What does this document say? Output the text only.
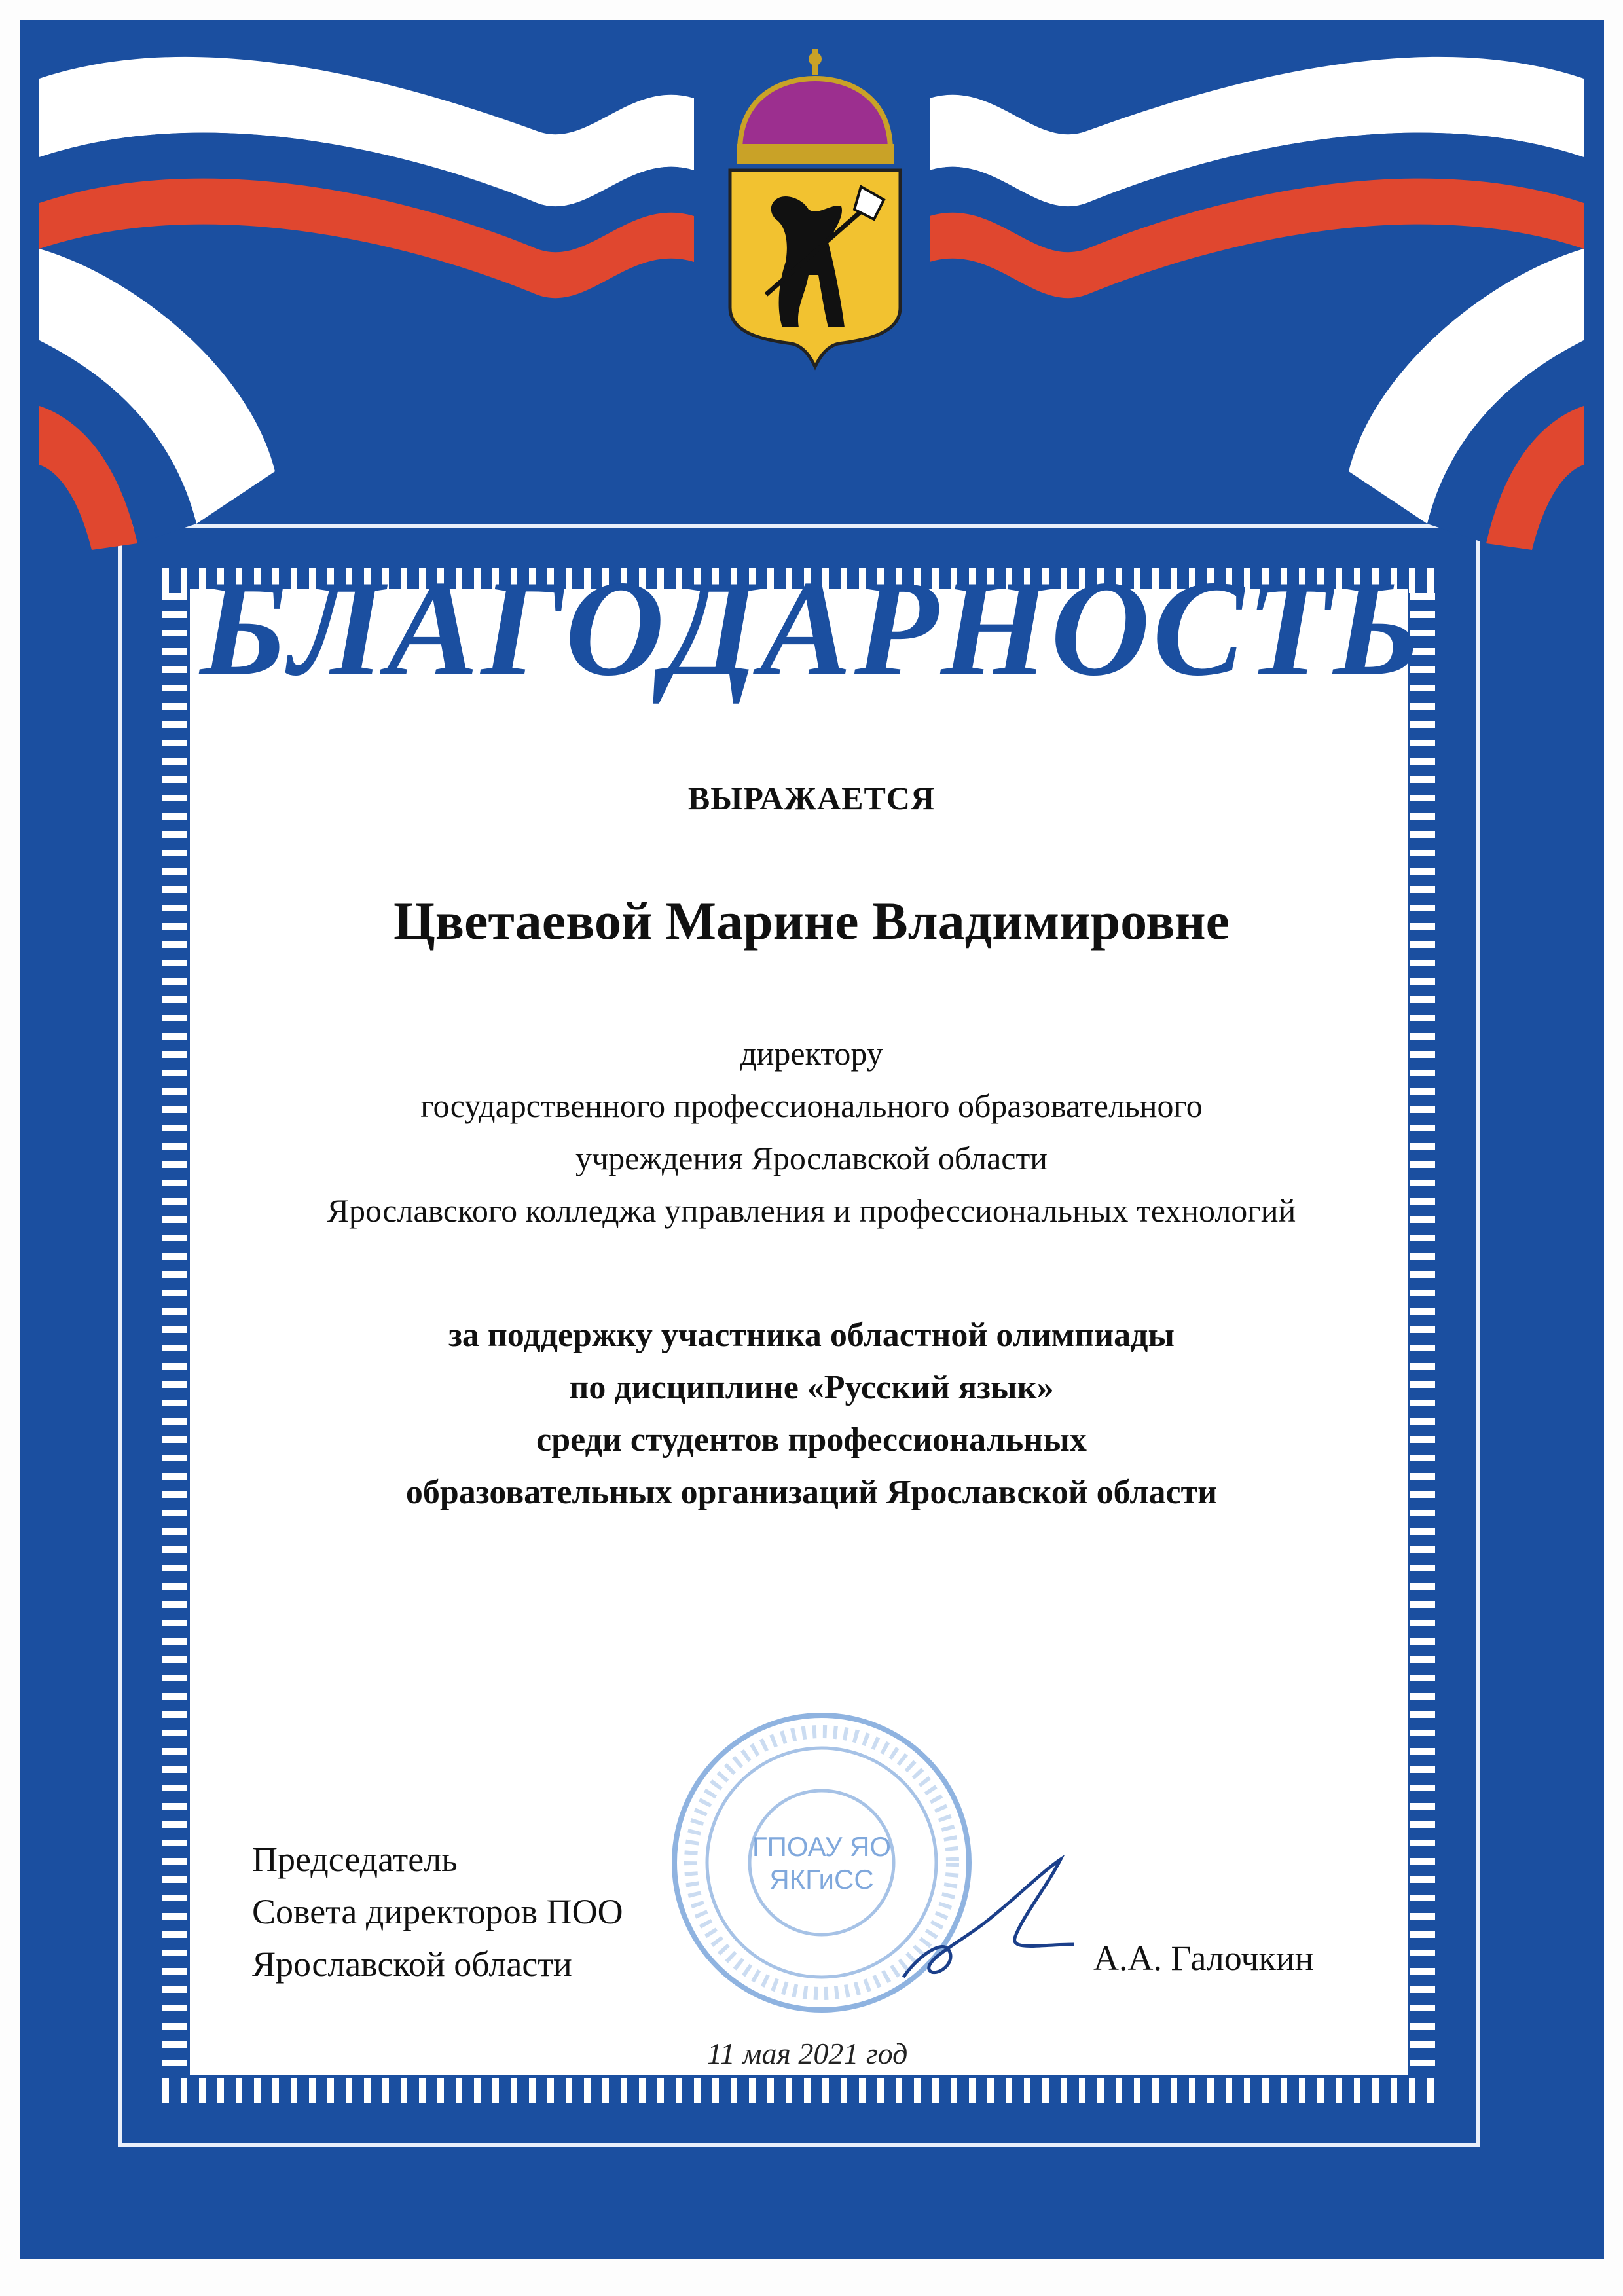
БЛАГОДАРНОСТЬ
ВЫРАЖАЕТСЯ
Цветаевой Марине Владимировне
директору
государственного профессионального образовательного
учреждения Ярославской области
Ярославского колледжа управления и профессиональных технологий
за поддержку участника областной олимпиады
по дисциплине «Русский язык»
среди студентов профессиональных
образовательных организаций Ярославской области
ГПОАУ ЯО
ЯКГиСС
Председатель
Совета директоров ПОО
Ярославской области	А.А. Галочкин
11 мая 2021 год
